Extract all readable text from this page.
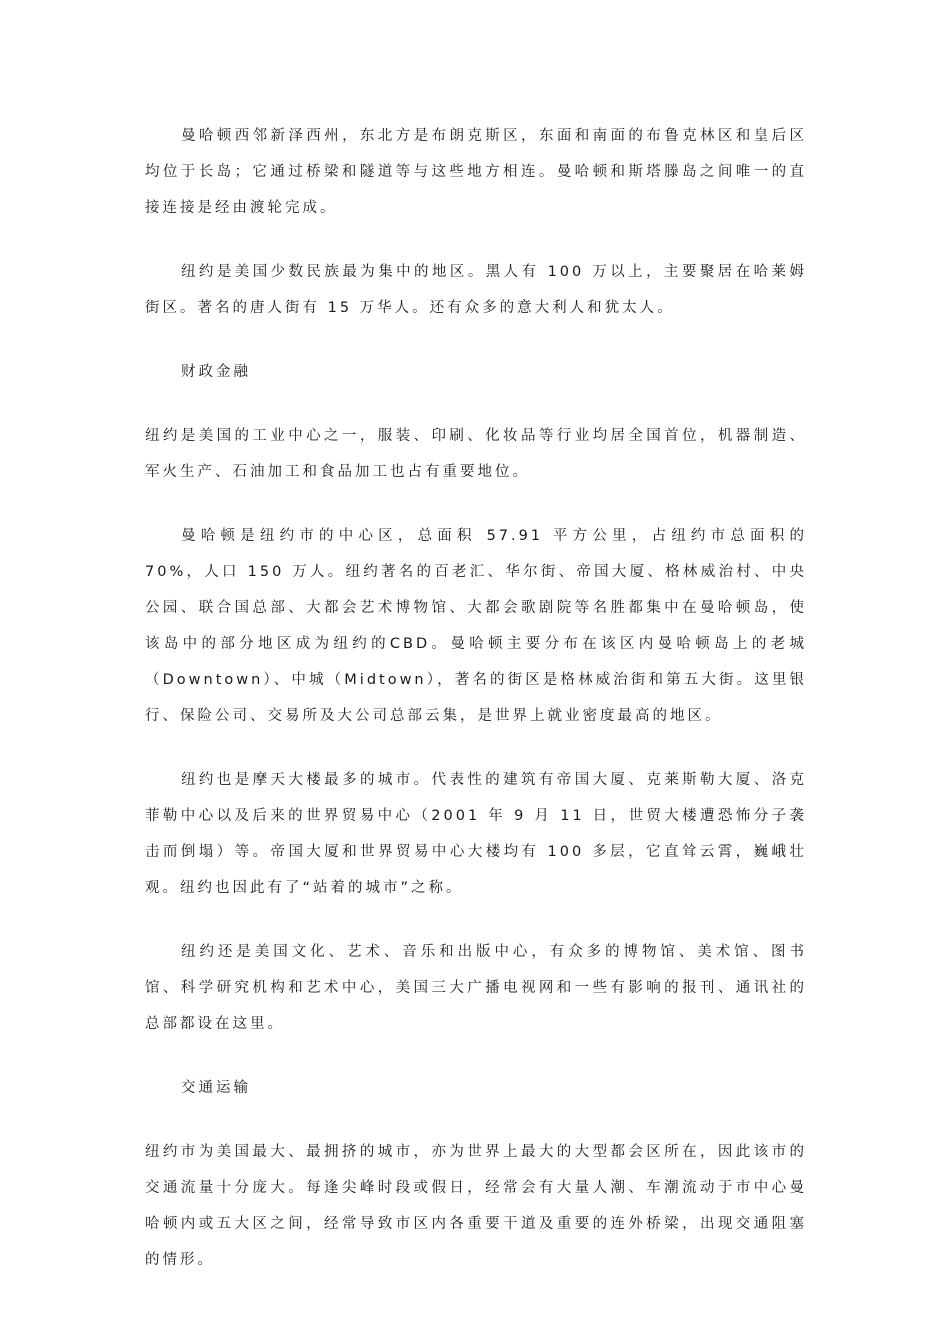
曼哈顿西邻新泽西州，东北方是布朗克斯区，东面和南面的布鲁克林区和皇后区均位于长岛；它通过桥梁和隧道等与这些地方相连。曼哈顿和斯塔滕岛之间唯一的直接连接是经由渡轮完成。

纽约是美国少数民族最为集中的地区。黑人有 100 万以上，主要聚居在哈莱姆街区。著名的唐人街有 15 万华人。还有众多的意大利人和犹太人。

财政金融

纽约是美国的工业中心之一，服装、印刷、化妆品等行业均居全国首位，机器制造、军火生产、石油加工和食品加工也占有重要地位。

曼哈顿是纽约市的中心区，总面积 57.91 平方公里，占纽约市总面积的 70%，人口 150 万人。纽约著名的百老汇、华尔街、帝国大厦、格林威治村、中央公园、联合国总部、大都会艺术博物馆、大都会歌剧院等名胜都集中在曼哈顿岛，使该岛中的部分地区成为纽约的CBD。曼哈顿主要分布在该区内曼哈顿岛上的老城（Downtown）、中城（Midtown），著名的街区是格林威治街和第五大街。这里银行、保险公司、交易所及大公司总部云集，是世界上就业密度最高的地区。

纽约也是摩天大楼最多的城市。代表性的建筑有帝国大厦、克莱斯勒大厦、洛克菲勒中心以及后来的世界贸易中心（2001 年 9 月 11 日，世贸大楼遭恐怖分子袭击而倒塌）等。帝国大厦和世界贸易中心大楼均有 100 多层，它直耸云霄，巍峨壮观。纽约也因此有了“站着的城市”之称。

纽约还是美国文化、艺术、音乐和出版中心，有众多的博物馆、美术馆、图书馆、科学研究机构和艺术中心，美国三大广播电视网和一些有影响的报刊、通讯社的总部都设在这里。

交通运输

纽约市为美国最大、最拥挤的城市，亦为世界上最大的大型都会区所在，因此该市的交通流量十分庞大。每逢尖峰时段或假日，经常会有大量人潮、车潮流动于市中心曼哈顿内或五大区之间，经常导致市区内各重要干道及重要的连外桥梁，出现交通阻塞的情形。
